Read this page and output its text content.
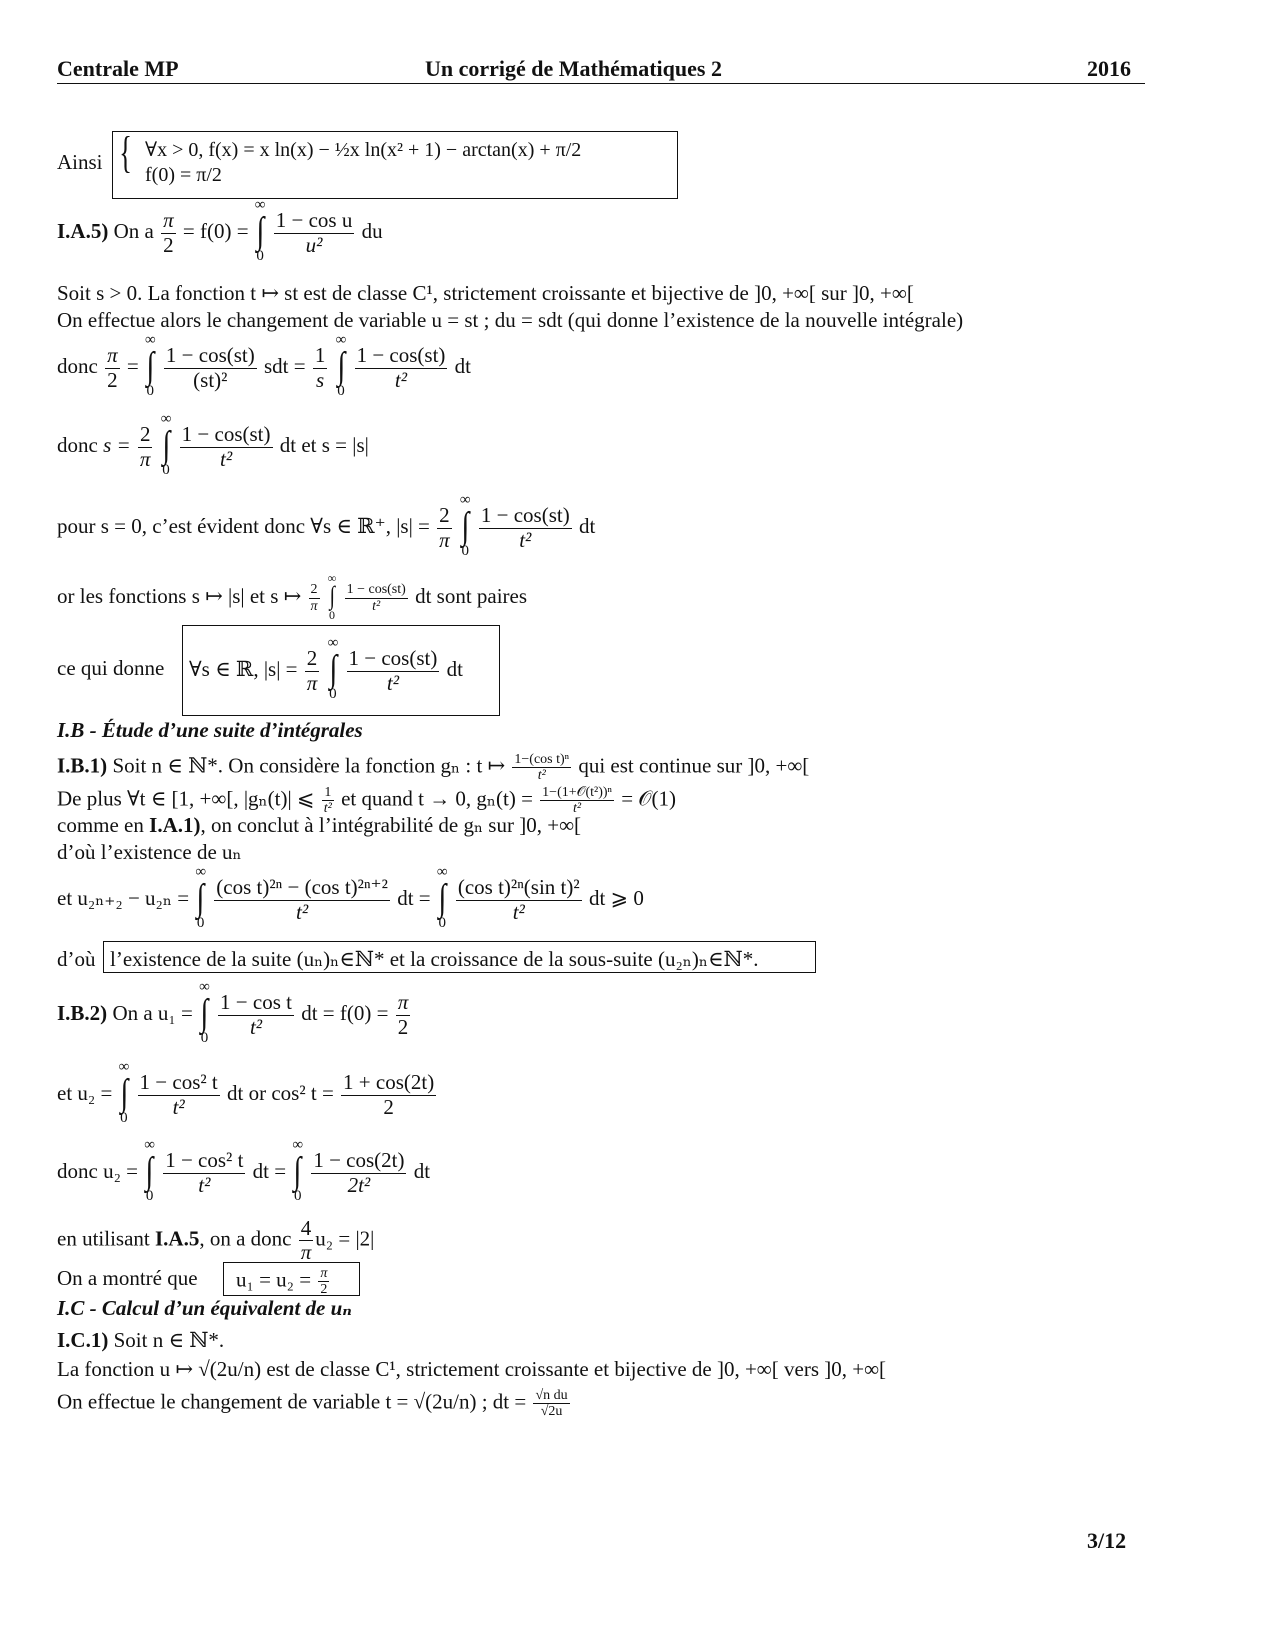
Centrale MP	Un corrigé de Mathématiques 2	2016
Ainsi { ∀x > 0, f(x) = x ln(x) − ½x ln(x² + 1) − arctan(x) + π/2
f(0) = π/2
I.A.5) On a $\frac{\pi}{2} = f(0)$ =
∞
∫
0
$\frac{\text{1 − cos u}}{\text{u²}}$ du
Soit s > 0. La fonction t ↦ st est de classe C¹, strictement croissante et bijective de ]0, +∞[ sur ]0, +∞[
On effectue alors le changement de variable u = st ; du = sdt (qui donne l’existence de la nouvelle intégrale)
donc $\frac{\pi}{2}$ =
∞
∫
0
$\frac{1 - \cos(st)}{\text{(st)²}}$ sdt = $\frac{1}{s}$

∞
∫
0
$\frac{1 - \cos(st)}{\text{t²}}$ dt
donc $s = \frac{2}{\pi}$

∞
∫
0
$\frac{1 - \cos(st)}{\text{t²}}$ dt et s = |s|
pour s = 0, c’est évident donc ∀s ∈ ℝ⁺, $|s| = \frac{2}{\pi}$

∞
∫
0
$\frac{1 - \cos(st)}{\text{t²}}$ dt
or les fonctions s ↦ |s| et s ↦ $\frac{2}{\pi}$

∞
∫
0

$\frac{1 - \cos(st)}{\text{t²}}$ dt sont paires
ce qui donne ∀s ∈ ℝ, $|s| = \frac{2}{\pi}$

∞
∫
0
$\frac{1 - \cos(st)}{\text{t²}}$ dt
I.B - Étude d’une suite d’intégrales
I.B.1) Soit n ∈ ℕ*. On considère la fonction gₙ : t ↦ $\frac{\text{1−(cos t)ⁿ}}{\text{t²}}$ qui est continue sur ]0, +∞[
De plus ∀t ∈ [1, +∞[, |gₙ(t)| ⩽ $\frac{1}{\text{t²}}$ et quand t → 0, $g_n(t) = \frac{\text{1−(1+𝒪(t²))ⁿ}}{\text{t²}}$ = 𝒪(1)
comme en I.A.1), on conclut à l’intégrabilité de gₙ sur ]0, +∞[
d’où l’existence de uₙ
et u₂ₙ₊₂ − u₂ₙ =
∞
∫
0
$\frac{\text{(cos t)²ⁿ − (cos t)²ⁿ⁺²}}{\text{t²}}$ dt =
∞
∫
0
$\frac{\text{(cos t)²ⁿ(sin t)²}}{\text{t²}}$ dt ⩾ 0
d’où l’existence de la suite (uₙ)ₙ∈ℕ* et la croissance de la sous-suite (u₂ₙ)ₙ∈ℕ*.
I.B.2) On a u₁ =
∞
∫
0
$\frac{\text{1 − cos t}}{\text{t²}}$ dt = $f(0) = \frac{\pi}{2}$
et u₂ =
∞
∫
0
$\frac{\text{1 − cos² t}}{\text{t²}}$ dt or cos² $t = \frac{1 + \cos(2t)}{2}$
donc u₂ =
∞
∫
0
$\frac{\text{1 − cos² t}}{\text{t²}}$ dt =
∞
∫
0
$\frac{1 - \cos(2t)}{\text{2t²}}$ dt
en utilisant I.A.5, on a donc $\frac{4}{\pi} u_2 = |2|$
On a montré que $u_1 = u_2 = \frac{\pi}{2}$
I.C - Calcul d’un équivalent de uₙ
I.C.1) Soit n ∈ ℕ*.
La fonction u ↦ √(2u/n) est de classe C¹, strictement croissante et bijective de ]0, +∞[ vers ]0, +∞[
On effectue le changement de variable t = √(2u/n) ; dt = $\frac{\text{√n du}}{√2u}$
3/12
